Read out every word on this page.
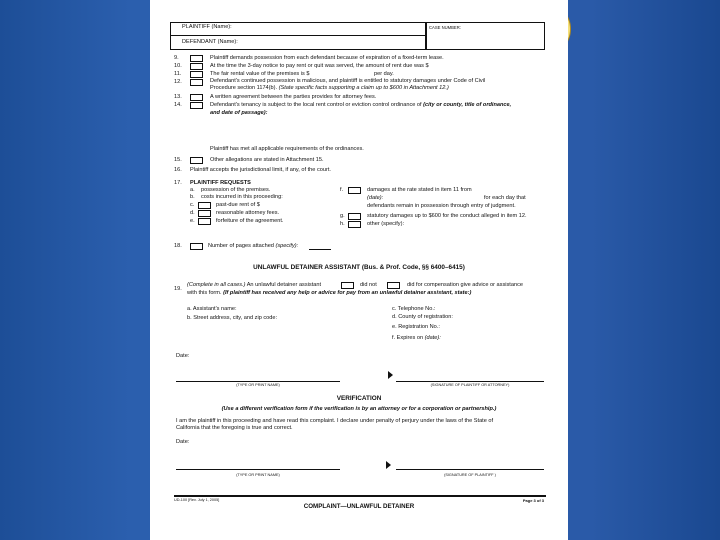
PLAINTIFF (Name):
DEFENDANT (Name):
CASE NUMBER:
9.	Plaintiff demands possession from each defendant because of expiration of a fixed-term lease.
10.	At the time the 3-day notice to pay rent or quit was served, the amount of rent due was $
11.	The fair rental value of the premises is $	per day.
12.	Defendant's continued possession is malicious, and plaintiff is entitled to statutory damages under Code of Civil
Procedure section 1174(b). (State specific facts supporting a claim up to $600 in Attachment 12.)
13.	A written agreement between the parties provides for attorney fees.
14.	Defendant's tenancy is subject to the local rent control or eviction control ordinance of (city or county, title of ordinance,
and date of passage):
Plaintiff has met all applicable requirements of the ordinances.
15.	Other allegations are stated in Attachment 15.
16. Plaintiff accepts the jurisdictional limit, if any, of the court.
17. PLAINTIFF REQUESTS
a. possession of the premises.
b. costs incurred in this proceeding:
c.	past-due rent of $
d.	reasonable attorney fees.
e.	forfeiture of the agreement.
f.	damages at the rate stated in item 11 from
(date):	for each day that
defendants remain in possession through entry of judgment.
g.	statutory damages up to $600 for the conduct alleged in item 12.
h.	other (specify):
18.	Number of pages attached (specify):
UNLAWFUL DETAINER ASSISTANT (Bus. & Prof. Code, §§ 6400–6415)
19.
(Complete in all cases.) An unlawful detainer assistant	did not	did for compensation give advice or assistance
with this form. (If plaintiff has received any help or advice for pay from an unlawful detainer assistant, state:)
a. Assistant's name:
b. Street address, city, and zip code:
c. Telephone No.:
d. County of registration:
e. Registration No.:
f. Expires on (date):
Date:
(TYPE OR PRINT NAME)	(SIGNATURE OF PLAINTIFF OR ATTORNEY)
VERIFICATION
(Use a different verification form if the verification is by an attorney or for a corporation or partnership.)
I am the plaintiff in this proceeding and have read this complaint. I declare under penalty of perjury under the laws of the State of
California that the foregoing is true and correct.
Date:
(TYPE OR PRINT NAME)	(SIGNATURE OF PLAINTIFF )
UD-100 [Rev. July 1, 2005]
COMPLAINT—UNLAWFUL DETAINER
Page 3 of 3
